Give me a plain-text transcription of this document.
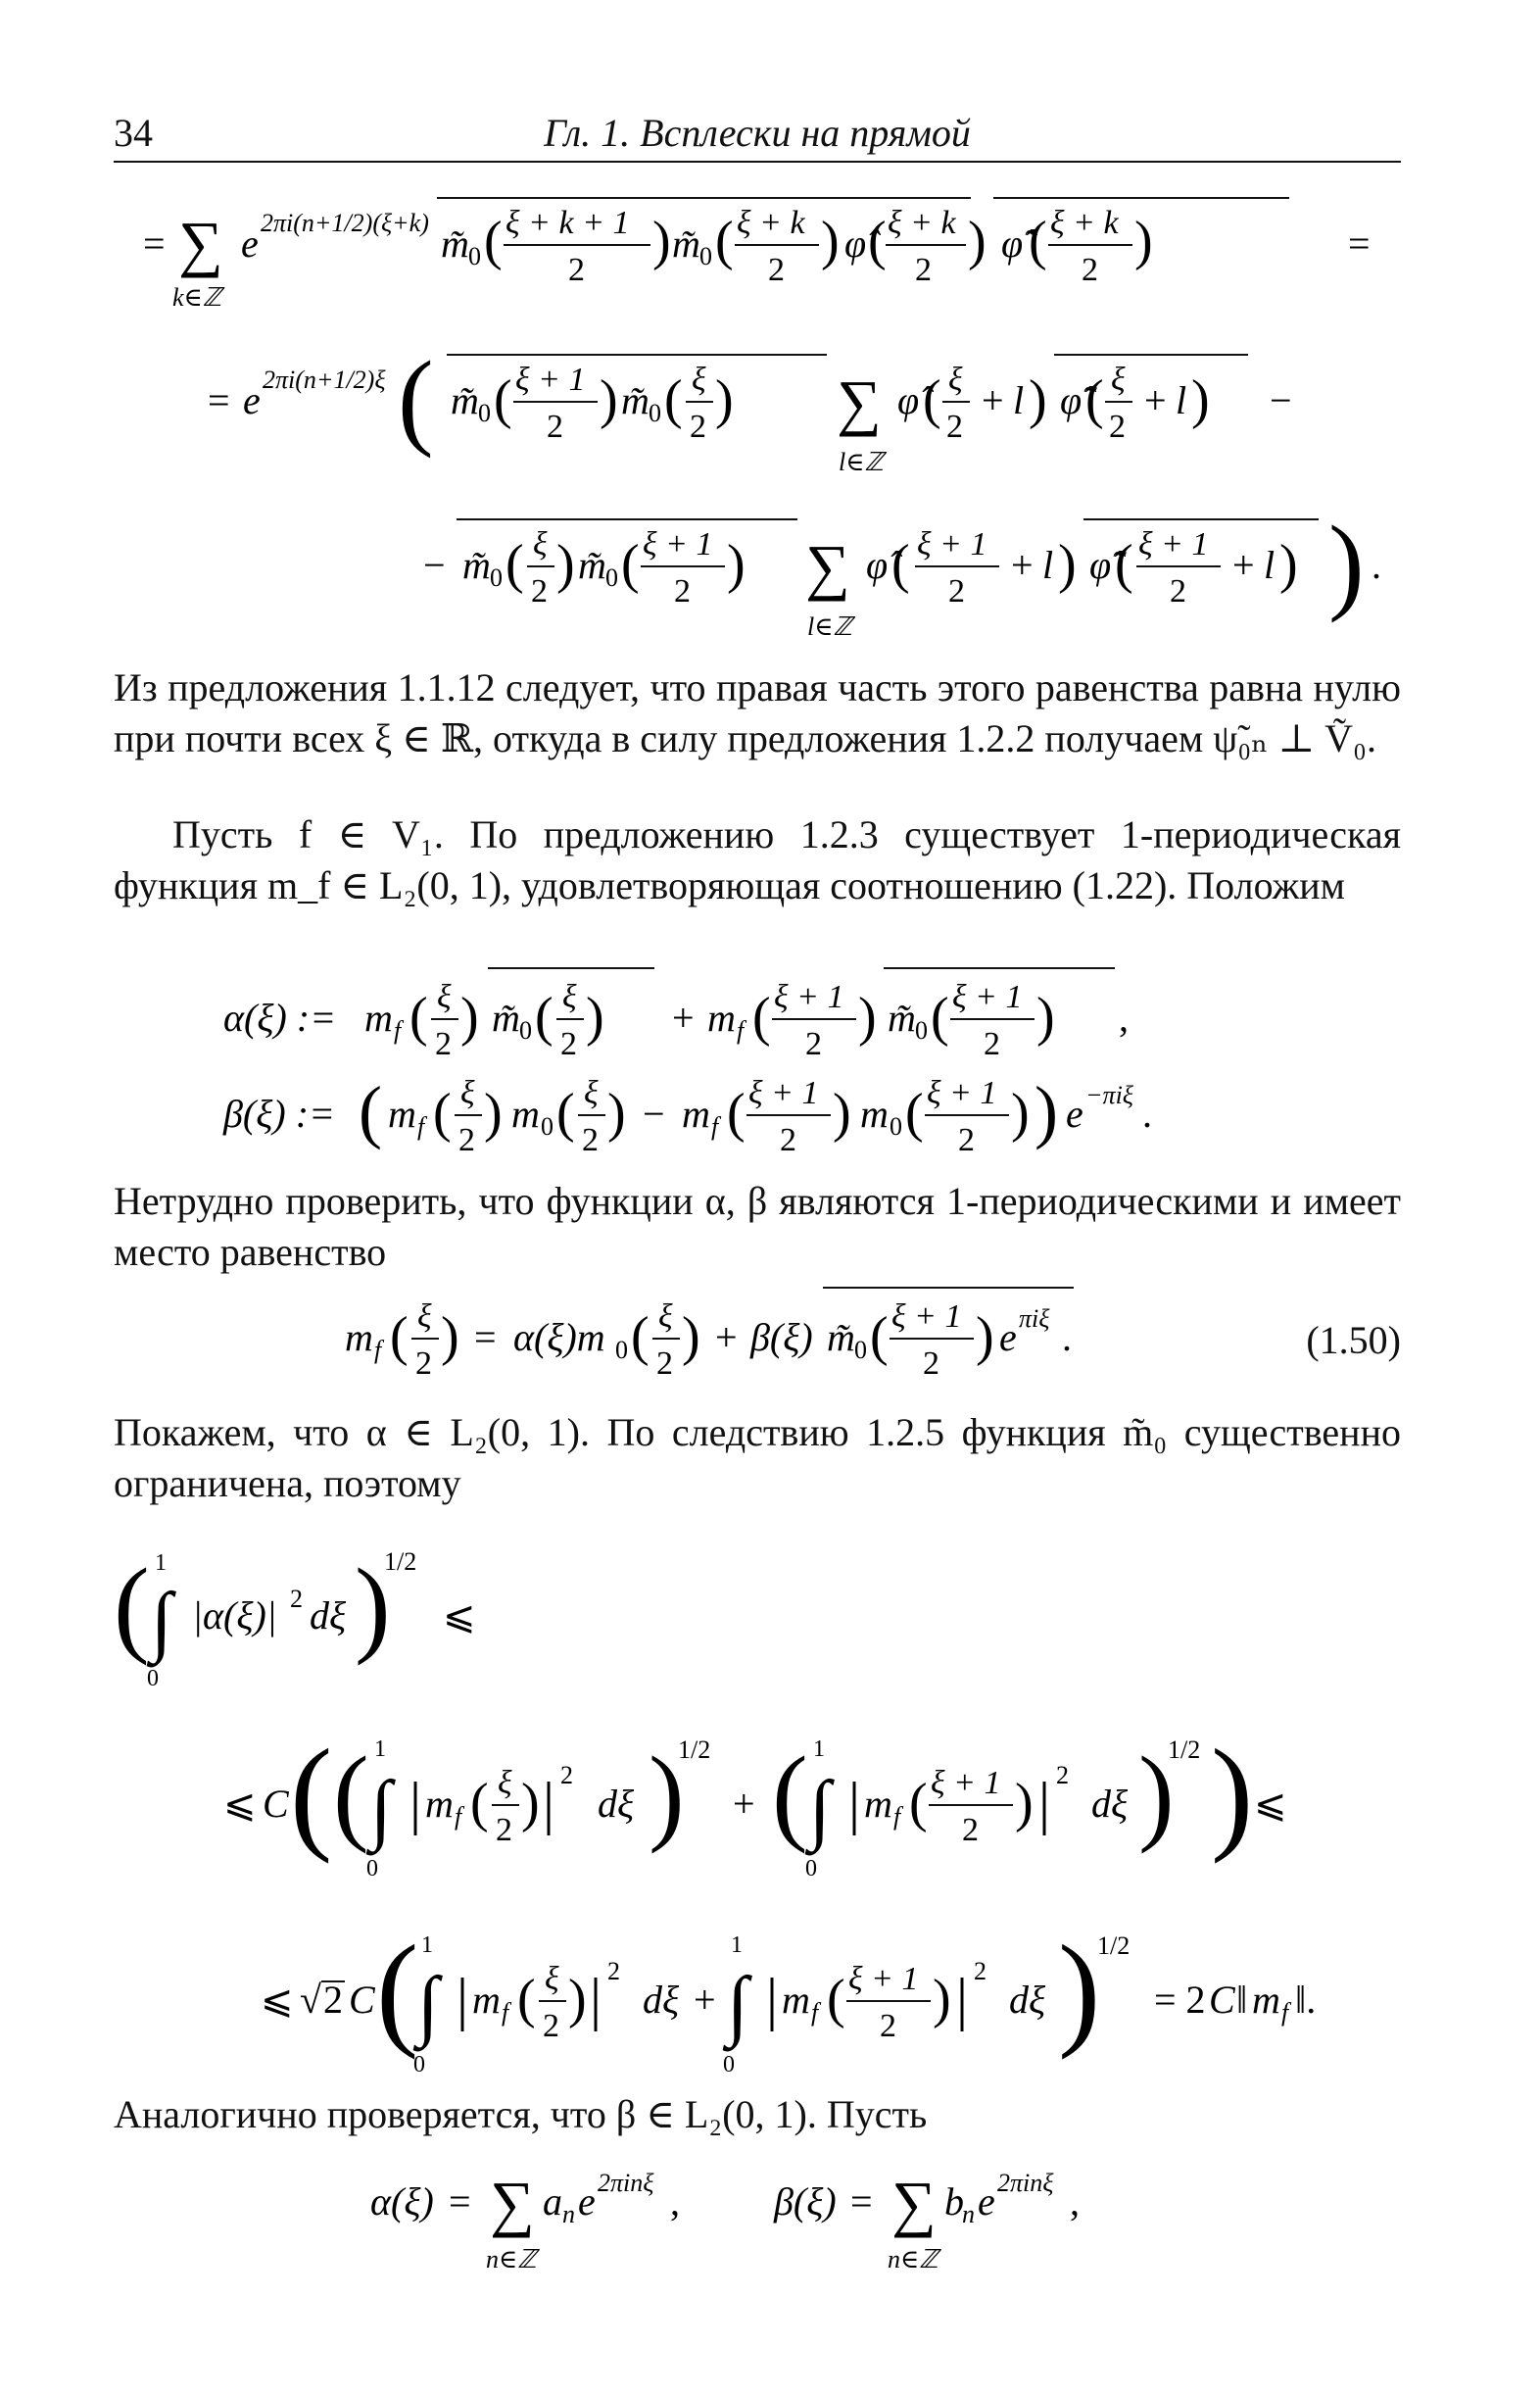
34	Гл. 1. Всплески на прямой
= ∑
k∈ℤ
e 2πi(n+1/2)(ξ+k) m̃ 0 ( ξ + k + 1
2 ) m̃ 0 ( ξ + k
2 ) φ̂ ( ξ + k
2 ) φ̃̂ ( ξ + k
2 )	=
= e 2πi(n+1/2)ξ ( m̃ 0 ( ξ + 1
2 ) m̃ 0 ( ξ
2 ) ∑
l∈ℤ
φ̂ ( ξ
2
+ l ) φ̃̂ ( ξ
2
+ l ) −
− m̃ 0 ( ξ
2 ) m̃ 0 ( ξ + 1
2 ) ∑
l∈ℤ
φ̂ ( ξ + 1
2
+ l ) φ̃̂ ( ξ + 1
2
+ l ) ) .
Из предложения 1.1.12 следует, что правая часть этого равенства равна нулю при почти всех ξ ∈ ℝ, откуда в силу предложения 1.2.2 получаем ψ̃₀ₙ ⊥ Ṽ₀.
Пусть f ∈ V₁. По предложению 1.2.3 существует 1-периодическая функция m_f ∈ L₂(0, 1), удовлетворяющая соотношению (1.22). Положим
α(ξ) := m f ( ξ
2 ) m̃ 0 ( ξ
2 ) + m f ( ξ + 1
2 ) m̃ 0 ( ξ + 1
2 ) ,
β(ξ) := ( m f ( ξ
2 ) m 0 ( ξ
2 ) − m f ( ξ + 1
2 ) m 0 ( ξ + 1
2 ) ) e −πiξ .
Нетрудно проверить, что функции α, β являются 1-периодическими и имеет место равенство
m f ( ξ
2 ) = α(ξ)m 0 ( ξ
2 ) + β(ξ) m̃ 0 ( ξ + 1
2 ) e πiξ .	(1.50)
Покажем, что α ∈ L₂(0, 1). По следствию 1.2.5 функция m̃₀ существенно ограничена, поэтому
( ∫
1
0
|α(ξ)| 2 dξ )
1/2
⩽
⩽ C ( ( ∫
1
0
| m f ( ξ
2 ) | 2
dξ )
1/2
+ ( ∫
1
0
| m f ( ξ + 1
2 ) | 2
dξ )
1/2 ) ⩽
⩽ √ 2 C (
∫
1
0
| m f ( ξ
2 ) | 2
dξ + ∫
1
0
| m f ( ξ + 1
2 ) | 2
dξ )
1/2
= 2 C ‖ m f ‖.
Аналогично проверяется, что β ∈ L₂(0, 1). Пусть
α(ξ) = ∑
n∈ℤ
a n e 2πinξ , β(ξ) = ∑
n∈ℤ
b
n e 2πinξ ,
